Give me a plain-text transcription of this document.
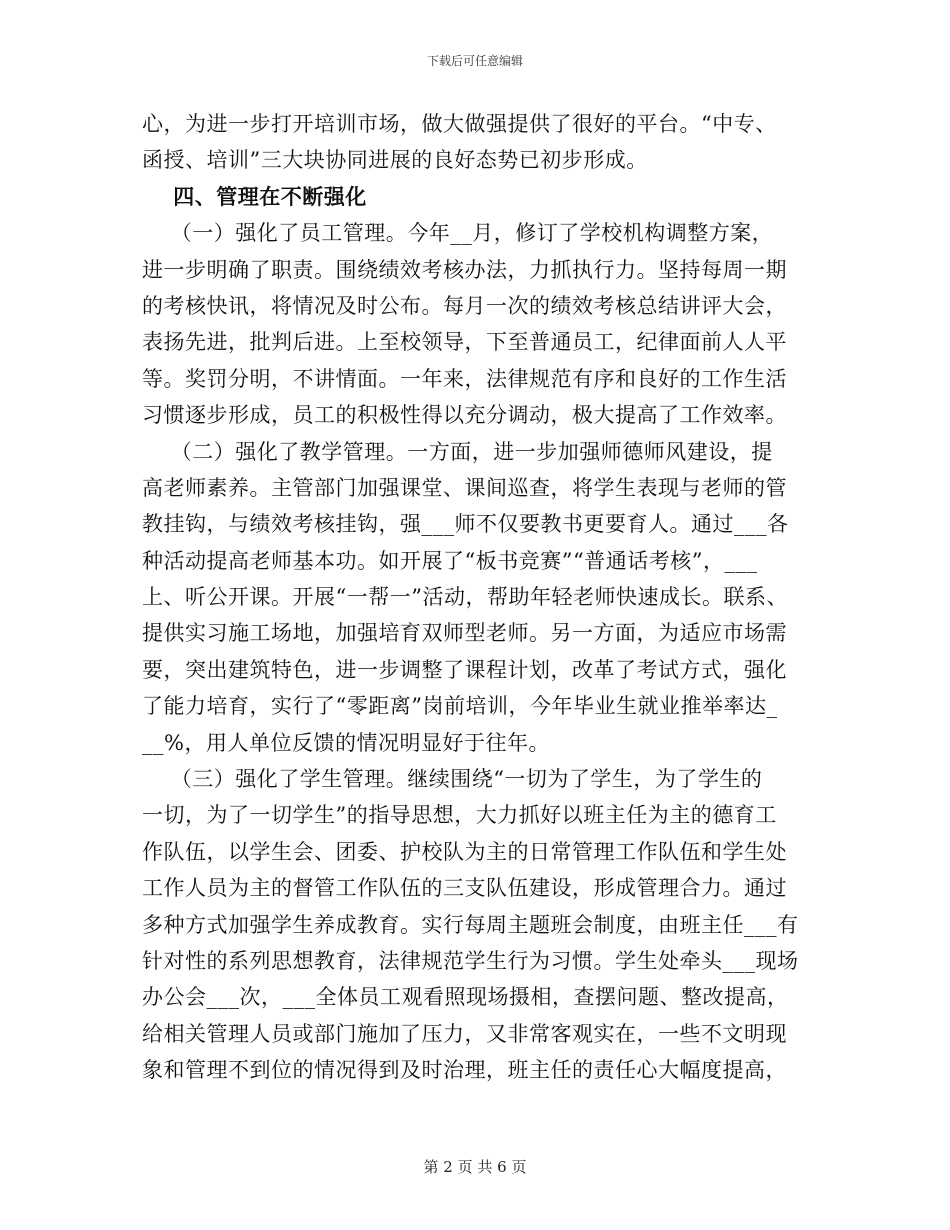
下载后可任意编辑
心，为进一步打开培训市场，做大做强提供了很好的平台。“中专、
函授、培训”三大块协同进展的良好态势已初步形成。
四、管理在不断强化
（一）强化了员工管理。今年__月，修订了学校机构调整方案，
进一步明确了职责。围绕绩效考核办法，力抓执行力。坚持每周一期
的考核快讯，将情况及时公布。每月一次的绩效考核总结讲评大会，
表扬先进，批判后进。上至校领导，下至普通员工，纪律面前人人平
等。奖罚分明，不讲情面。一年来，法律规范有序和良好的工作生活
习惯逐步形成，员工的积极性得以充分调动，极大提高了工作效率。
（二）强化了教学管理。一方面，进一步加强师德师风建设，提
高老师素养。主管部门加强课堂、课间巡查，将学生表现与老师的管
教挂钩，与绩效考核挂钩，强___师不仅要教书更要育人。通过___各
种活动提高老师基本功。如开展了“板书竞赛”“普通话考核”，___
上、听公开课。开展“一帮一”活动，帮助年轻老师快速成长。联系、
提供实习施工场地，加强培育双师型老师。另一方面，为适应市场需
要，突出建筑特色，进一步调整了课程计划，改革了考试方式，强化
了能力培育，实行了“零距离”岗前培训，今年毕业生就业推举率达_
__%，用人单位反馈的情况明显好于往年。
（三）强化了学生管理。继续围绕“一切为了学生，为了学生的
一切，为了一切学生”的指导思想，大力抓好以班主任为主的德育工
作队伍，以学生会、团委、护校队为主的日常管理工作队伍和学生处
工作人员为主的督管工作队伍的三支队伍建设，形成管理合力。通过
多种方式加强学生养成教育。实行每周主题班会制度，由班主任___有
针对性的系列思想教育，法律规范学生行为习惯。学生处牵头___现场
办公会___次，___全体员工观看照现场摄相，查摆问题、整改提高，
给相关管理人员或部门施加了压力，又非常客观实在，一些不文明现
象和管理不到位的情况得到及时治理，班主任的责任心大幅度提高，
第 2 页 共 6 页
